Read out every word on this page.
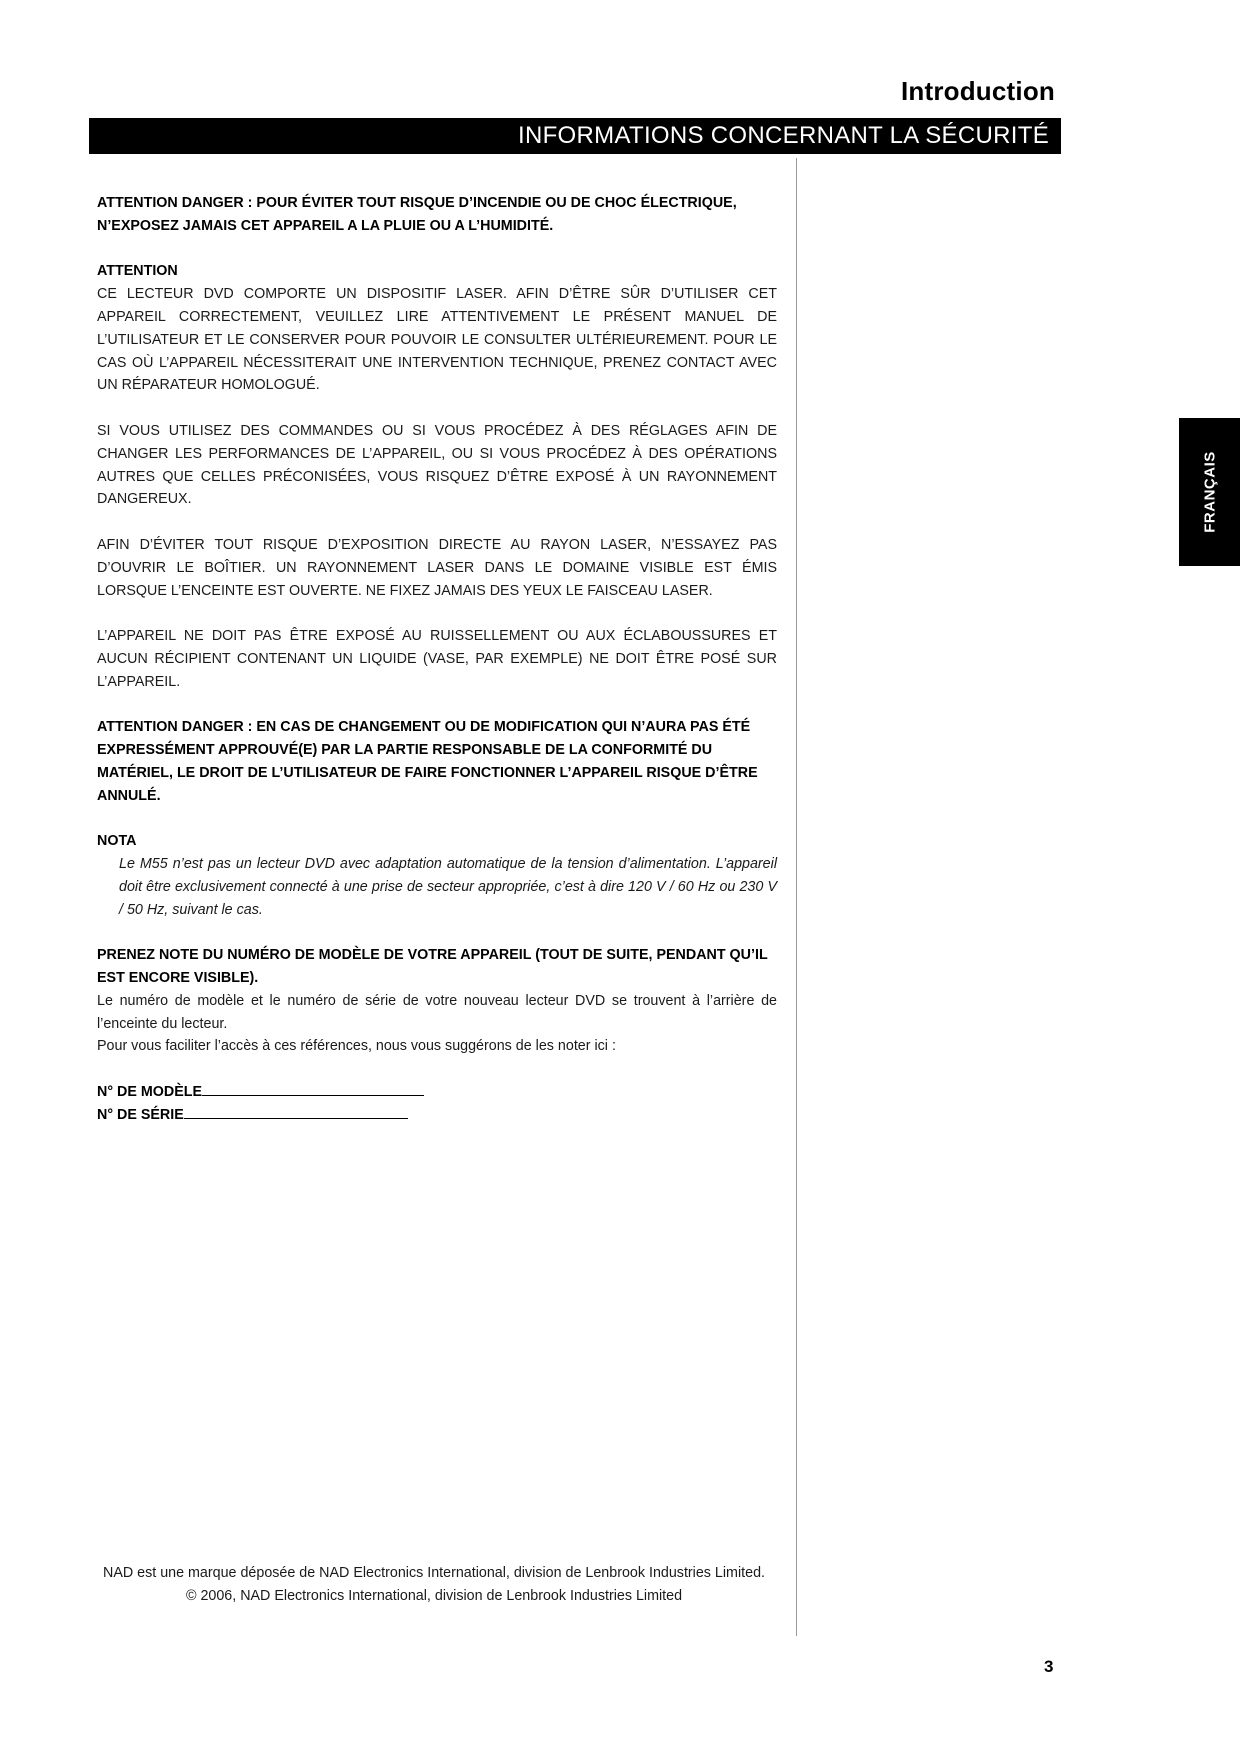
Introduction
INFORMATIONS CONCERNANT LA SÉCURITÉ
FRANÇAIS

ATTENTION DANGER : POUR ÉVITER TOUT RISQUE D’INCENDIE OU DE CHOC ÉLECTRIQUE, N’EXPOSEZ JAMAIS CET APPAREIL A LA PLUIE OU A L’HUMIDITÉ.

ATTENTION

CE LECTEUR DVD COMPORTE UN DISPOSITIF LASER. AFIN D’ÊTRE SÛR D’UTILISER CET APPAREIL CORRECTEMENT, VEUILLEZ LIRE ATTENTIVEMENT LE PRÉSENT MANUEL DE L’UTILISATEUR ET LE CONSERVER POUR POUVOIR LE CONSULTER ULTÉRIEUREMENT. POUR LE CAS OÙ L’APPAREIL NÉCESSITERAIT UNE INTERVENTION TECHNIQUE, PRENEZ CONTACT AVEC UN RÉPARATEUR HOMOLOGUÉ.

SI VOUS UTILISEZ DES COMMANDES OU SI VOUS PROCÉDEZ À DES RÉGLAGES AFIN DE CHANGER LES PERFORMANCES DE L’APPAREIL, OU SI VOUS PROCÉDEZ À DES OPÉRATIONS AUTRES QUE CELLES PRÉCONISÉES, VOUS RISQUEZ D’ÊTRE EXPOSÉ À UN RAYONNEMENT DANGEREUX.

AFIN D’ÉVITER TOUT RISQUE D’EXPOSITION DIRECTE AU RAYON LASER, N’ESSAYEZ PAS D’OUVRIR LE BOÎTIER. UN RAYONNEMENT LASER DANS LE DOMAINE VISIBLE EST ÉMIS LORSQUE L’ENCEINTE EST OUVERTE. NE FIXEZ JAMAIS DES YEUX LE FAISCEAU LASER.

L’APPAREIL NE DOIT PAS ÊTRE EXPOSÉ AU RUISSELLEMENT OU AUX ÉCLABOUSSURES ET AUCUN RÉCIPIENT CONTENANT UN LIQUIDE (VASE, PAR EXEMPLE) NE DOIT ÊTRE POSÉ SUR L’APPAREIL.

ATTENTION DANGER : EN CAS DE CHANGEMENT OU DE MODIFICATION QUI N’AURA PAS ÉTÉ EXPRESSÉMENT APPROUVÉ(E) PAR LA PARTIE RESPONSABLE DE LA CONFORMITÉ DU MATÉRIEL, LE DROIT DE L’UTILISATEUR DE FAIRE FONCTIONNER L’APPAREIL RISQUE D’ÊTRE ANNULÉ.

NOTA

Le M55 n’est pas un lecteur DVD avec adaptation automatique de la tension d’alimentation. L’appareil doit être exclusivement connecté à une prise de secteur appropriée, c’est à dire 120 V / 60 Hz ou 230 V / 50 Hz, suivant le cas.

PRENEZ NOTE DU NUMÉRO DE MODÈLE DE VOTRE APPAREIL (TOUT DE SUITE, PENDANT QU’IL EST ENCORE VISIBLE).

Le numéro de modèle et le numéro de série de votre nouveau lecteur DVD se trouvent à l’arrière de l’enceinte du lecteur.

Pour vous faciliter l’accès à ces références, nous vous suggérons de les noter ici :

N° DE MODÈLE

N° DE SÉRIE

NAD est une marque déposée de NAD Electronics International, division de Lenbrook Industries Limited.

© 2006, NAD Electronics International, division de Lenbrook Industries Limited

3
